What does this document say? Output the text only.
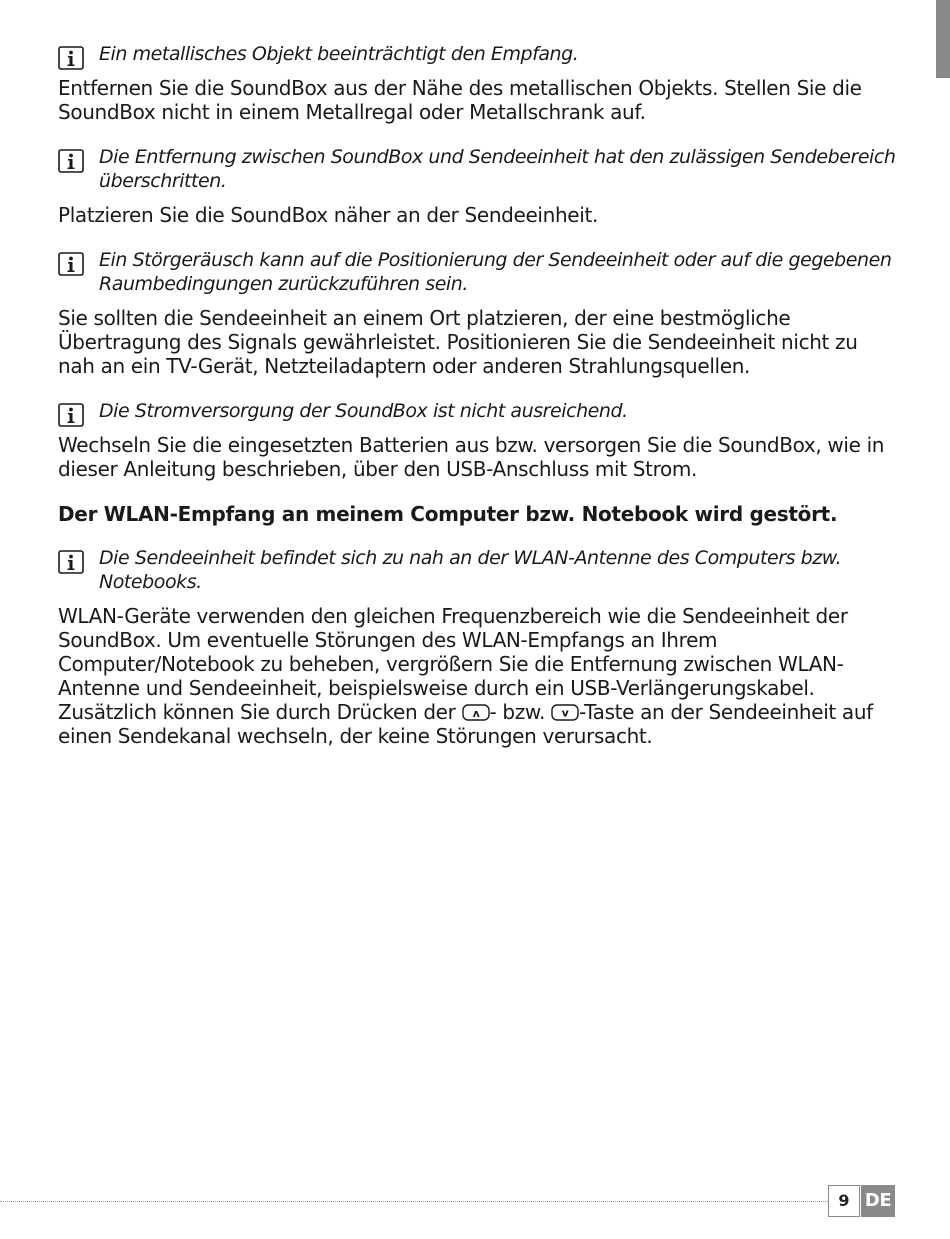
Ein metallisches Objekt beeinträchtigt den Empfang.

Entfernen Sie die SoundBox aus der Nähe des metallischen Objekts. Stellen Sie die SoundBox nicht in einem Metallregal oder Metallschrank auf.

Die Entfernung zwischen SoundBox und Sendeeinheit hat den zulässigen Sendebereich überschritten.

Platzieren Sie die SoundBox näher an der Sendeeinheit.

Ein Störgeräusch kann auf die Positionierung der Sendeeinheit oder auf die gegebenen Raumbedingungen zurückzuführen sein.

Sie sollten die Sendeeinheit an einem Ort platzieren, der eine bestmögliche Übertragung des Signals gewährleistet. Positionieren Sie die Sendeeinheit nicht zu nah an ein TV-Gerät, Netzteiladaptern oder anderen Strahlungsquellen.

Die Stromversorgung der SoundBox ist nicht ausreichend.

Wechseln Sie die eingesetzten Batterien aus bzw. versorgen Sie die SoundBox, wie in dieser Anleitung beschrieben, über den USB-Anschluss mit Strom.

Der WLAN-Empfang an meinem Computer bzw. Notebook wird gestört.
Die Sendeeinheit befindet sich zu nah an der WLAN-Antenne des Computers bzw. Notebooks.

WLAN-Geräte verwenden den gleichen Frequenzbereich wie die Sendeeinheit der SoundBox. Um eventuelle Störungen des WLAN-Empfangs an Ihrem Computer/Notebook zu beheben, vergrößern Sie die Entfernung zwischen WLAN-Antenne und Sendeeinheit, beispielsweise durch ein USB-Verlängerungskabel. Zusätzlich können Sie durch Drücken der ʌ - bzw. v -Taste an der Sendeeinheit auf einen Sendekanal wechseln, der keine Störungen verursacht.

9 DE
